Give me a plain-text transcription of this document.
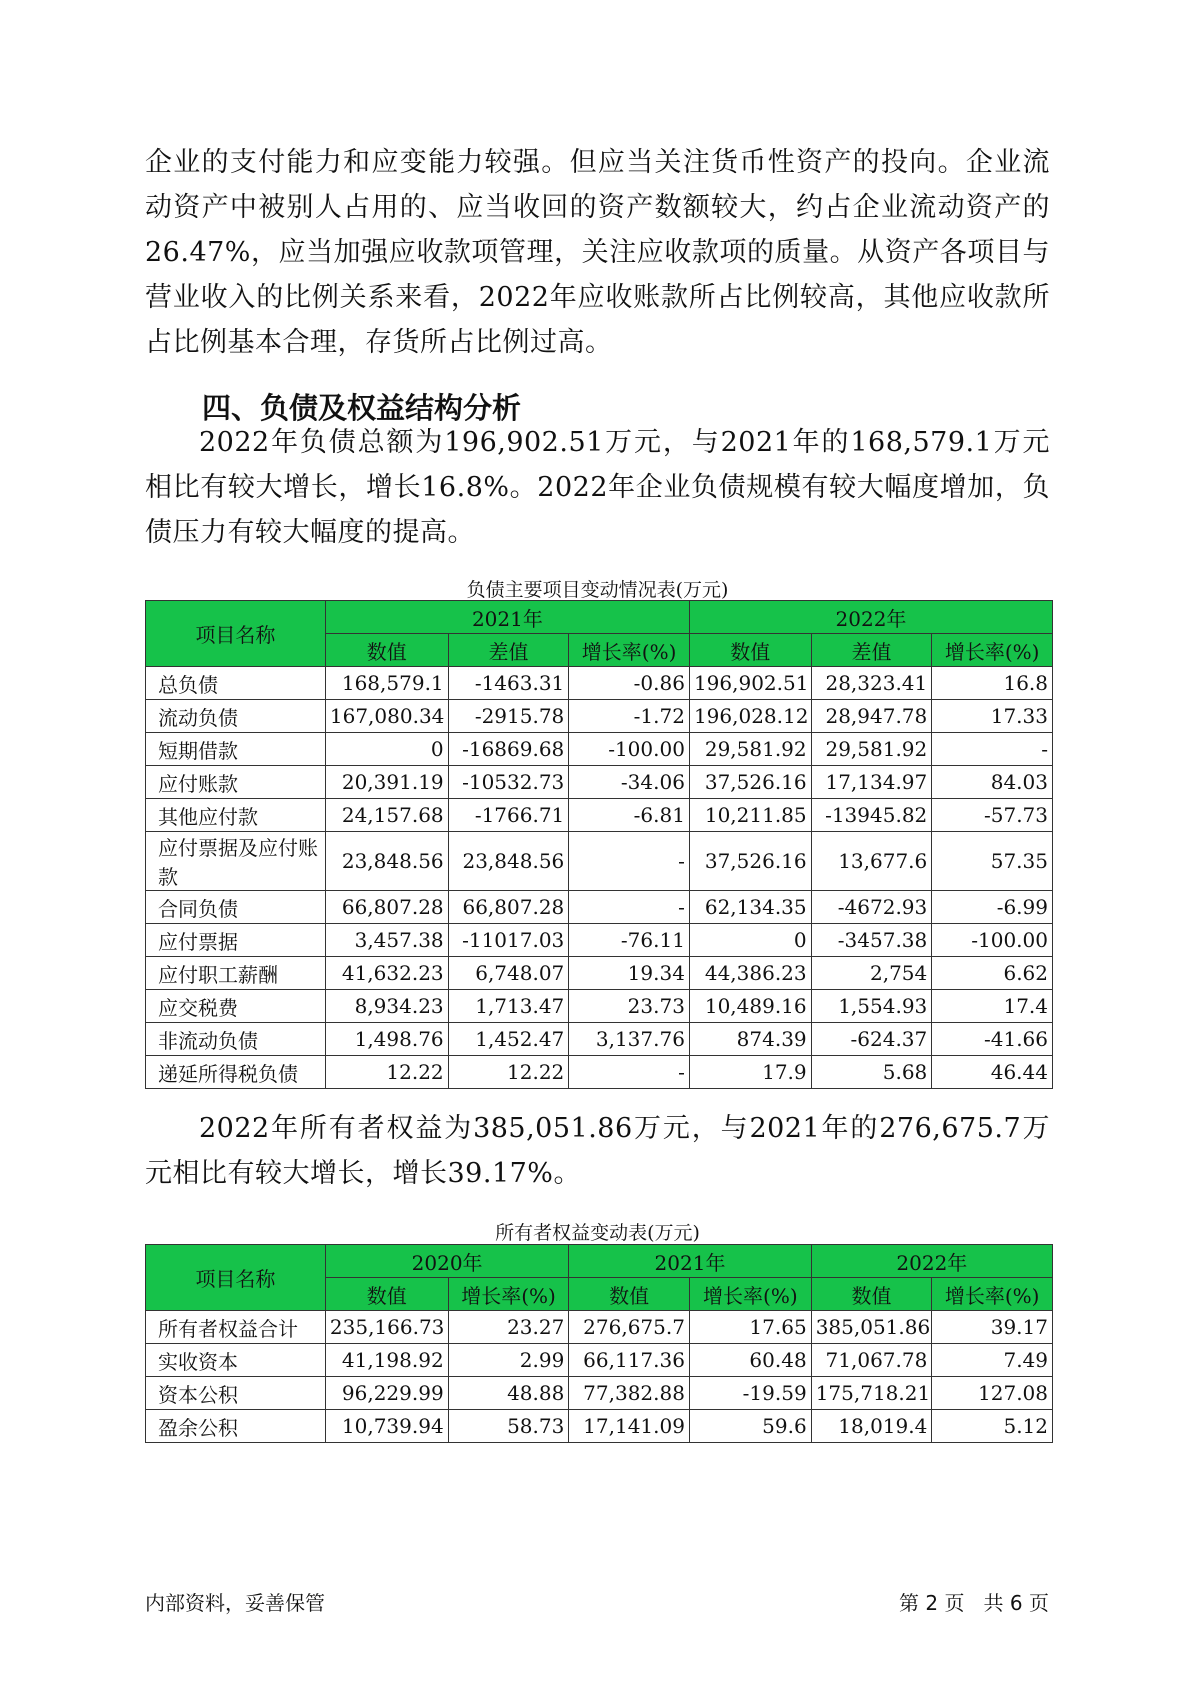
企业的支付能力和应变能力较强。但应当关注货币性资产的投向。企业流动资产中被别人占用的、应当收回的资产数额较大，约占企业流动资产的26.47%，应当加强应收款项管理，关注应收款项的质量。从资产各项目与营业收入的比例关系来看，2022年应收账款所占比例较高，其他应收款所占比例基本合理，存货所占比例过高。

四、负债及权益结构分析

2022年负债总额为196,902.51万元，与2021年的168,579.1万元相比有较大增长，增长16.8%。2022年企业负债规模有较大幅度增加，负债压力有较大幅度的提高。

负债主要项目变动情况表(万元)

项目名称	2021年			2022年		
	数值	差值	增长率(%)	数值	差值	增长率(%)
总负债	168,579.1	-1463.31	-0.86	196,902.51	28,323.41	16.8
流动负债	167,080.34	-2915.78	-1.72	196,028.12	28,947.78	17.33
短期借款	0	-16869.68	-100.00	29,581.92	29,581.92	-
应付账款	20,391.19	-10532.73	-34.06	37,526.16	17,134.97	84.03
其他应付款	24,157.68	-1766.71	-6.81	10,211.85	-13945.82	-57.73
应付票据及应付账款	23,848.56	23,848.56	-	37,526.16	13,677.6	57.35
合同负债	66,807.28	66,807.28	-	62,134.35	-4672.93	-6.99
应付票据	3,457.38	-11017.03	-76.11	0	-3457.38	-100.00
应付职工薪酬	41,632.23	6,748.07	19.34	44,386.23	2,754	6.62
应交税费	8,934.23	1,713.47	23.73	10,489.16	1,554.93	17.4
非流动负债	1,498.76	1,452.47	3,137.76	874.39	-624.37	-41.66
递延所得税负债	12.22	12.22	-	17.9	5.68	46.44

2022年所有者权益为385,051.86万元，与2021年的276,675.7万元相比有较大增长，增长39.17%。

所有者权益变动表(万元)

项目名称	2020年		2021年		2022年	
	数值	增长率(%)	数值	增长率(%)	数值	增长率(%)
所有者权益合计	235,166.73	23.27	276,675.7	17.65	385,051.86	39.17
实收资本	41,198.92	2.99	66,117.36	60.48	71,067.78	7.49
资本公积	96,229.99	48.88	77,382.88	-19.59	175,718.21	127.08
盈余公积	10,739.94	58.73	17,141.09	59.6	18,019.4	5.12
内部资料，妥善保管	第 2 页   共 6 页
